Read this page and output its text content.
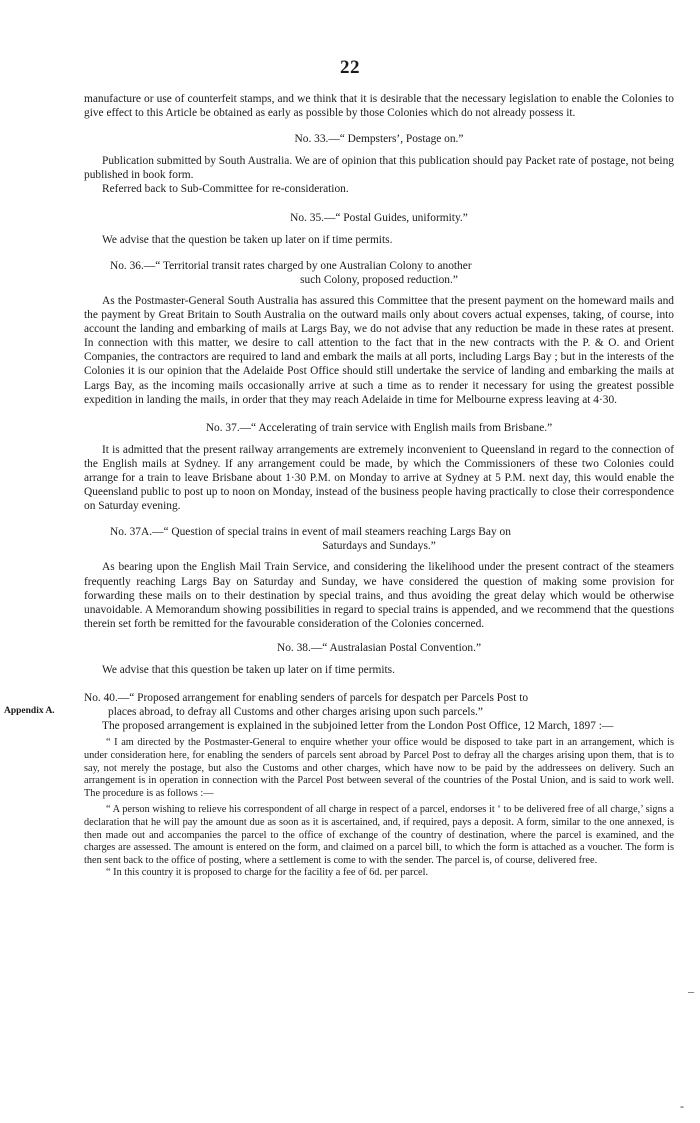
22
Appendix A.
–
-

manufacture or use of counterfeit stamps, and we think that it is desirable that the necessary legislation to enable the Colonies to give effect to this Article be obtained as early as possible by those Colonies which do not already possess it.

No. 33.—“ Dempsters’, Postage on.”

Publication submitted by South Australia. We are of opinion that this publication should pay Packet rate of postage, not being published in book form.

Referred back to Sub-Committee for re-consideration.

No. 35.—“ Postal Guides, uniformity.”

We advise that the question be taken up later on if time permits.

No. 36.—“ Territorial transit rates charged by one Australian Colony to another
such Colony, proposed reduction.”

As the Postmaster-General South Australia has assured this Committee that the present payment on the homeward mails and the payment by Great Britain to South Australia on the outward mails only about covers actual expenses, taking, of course, into account the landing and embarking of mails at Largs Bay, we do not advise that any reduction be made in these rates at present. In connection with this matter, we desire to call attention to the fact that in the new contracts with the P. & O. and Orient Companies, the contractors are required to land and embark the mails at all ports, including Largs Bay ; but in the interests of the Colonies it is our opinion that the Adelaide Post Office should still undertake the service of landing and embarking the mails at Largs Bay, as the incoming mails occasionally arrive at such a time as to render it necessary for using the greatest possible expedition in landing the mails, in order that they may reach Adelaide in time for Melbourne express leaving at 4·30.

No. 37.—“ Accelerating of train service with English mails from Brisbane.”

It is admitted that the present railway arrangements are extremely inconvenient to Queensland in regard to the connection of the English mails at Sydney. If any arrangement could be made, by which the Commissioners of these two Colonies could arrange for a train to leave Brisbane about 1·30 P.M. on Monday to arrive at Sydney at 5 P.M. next day, this would enable the Queensland public to post up to noon on Monday, instead of the business people having practically to close their correspondence on Saturday evening.

No. 37A.—“ Question of special trains in event of mail steamers reaching Largs Bay on
Saturdays and Sundays.”

As bearing upon the English Mail Train Service, and considering the likelihood under the present contract of the steamers frequently reaching Largs Bay on Saturday and Sunday, we have considered the question of making some provision for forwarding these mails on to their destination by special trains, and thus avoiding the great delay which would be otherwise unavoidable. A Memorandum showing possibilities in regard to special trains is appended, and we recommend that the questions therein set forth be remitted for the favourable consideration of the Colonies concerned.

No. 38.—“ Australasian Postal Convention.”

We advise that this question be taken up later on if time permits.

No. 40.—“ Proposed arrangement for enabling senders of parcels for despatch per Parcels Post to
places abroad, to defray all Customs and other charges arising upon such parcels.”

The proposed arrangement is explained in the subjoined letter from the London Post Office, 12 March, 1897 :—

“ I am directed by the Postmaster-General to enquire whether your office would be disposed to take part in an arrangement, which is under consideration here, for enabling the senders of parcels sent abroad by Parcel Post to defray all the charges arising upon them, that is to say, not merely the postage, but also the Customs and other charges, which have now to be paid by the addressees on delivery. Such an arrangement is in operation in connection with the Parcel Post between several of the countries of the Postal Union, and is said to work well. The procedure is as follows :—

“ A person wishing to relieve his correspondent of all charge in respect of a parcel, endorses it ‘ to be delivered free of all charge,’ signs a declaration that he will pay the amount due as soon as it is ascertained, and, if required, pays a deposit. A form, similar to the one annexed, is then made out and accompanies the parcel to the office of exchange of the country of destination, where the parcel is examined, and the charges are assessed. The amount is entered on the form, and claimed on a parcel bill, to which the form is attached as a voucher. The form is then sent back to the office of posting, where a settlement is come to with the sender. The parcel is, of course, delivered free.

“ In this country it is proposed to charge for the facility a fee of 6d. per parcel.
